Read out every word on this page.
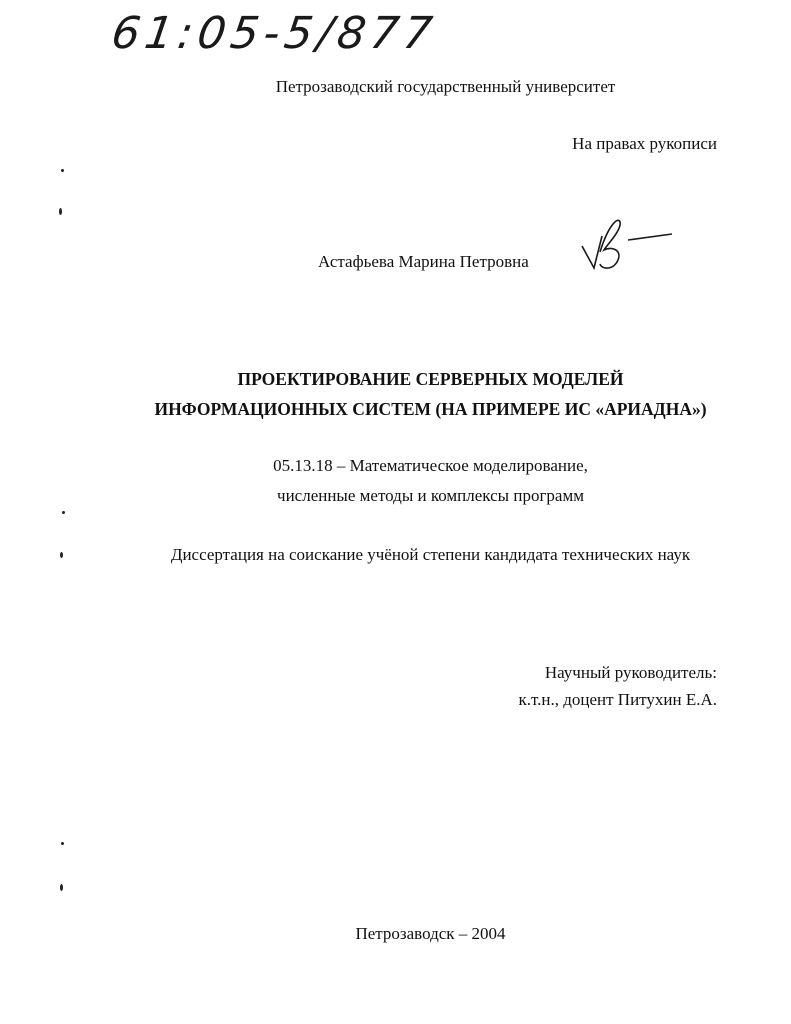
61:05-5/877
Петрозаводский государственный университет
На правах рукописи
Астафьева Марина Петровна
ПРОЕКТИРОВАНИЕ СЕРВЕРНЫХ МОДЕЛЕЙ
ИНФОРМАЦИОННЫХ СИСТЕМ (НА ПРИМЕРЕ ИС «АРИАДНА»)
05.13.18 – Математическое моделирование,
численные методы и комплексы программ
Диссертация на соискание учёной степени кандидата технических наук
Научный руководитель:
к.т.н., доцент Питухин Е.А.
Петрозаводск – 2004
